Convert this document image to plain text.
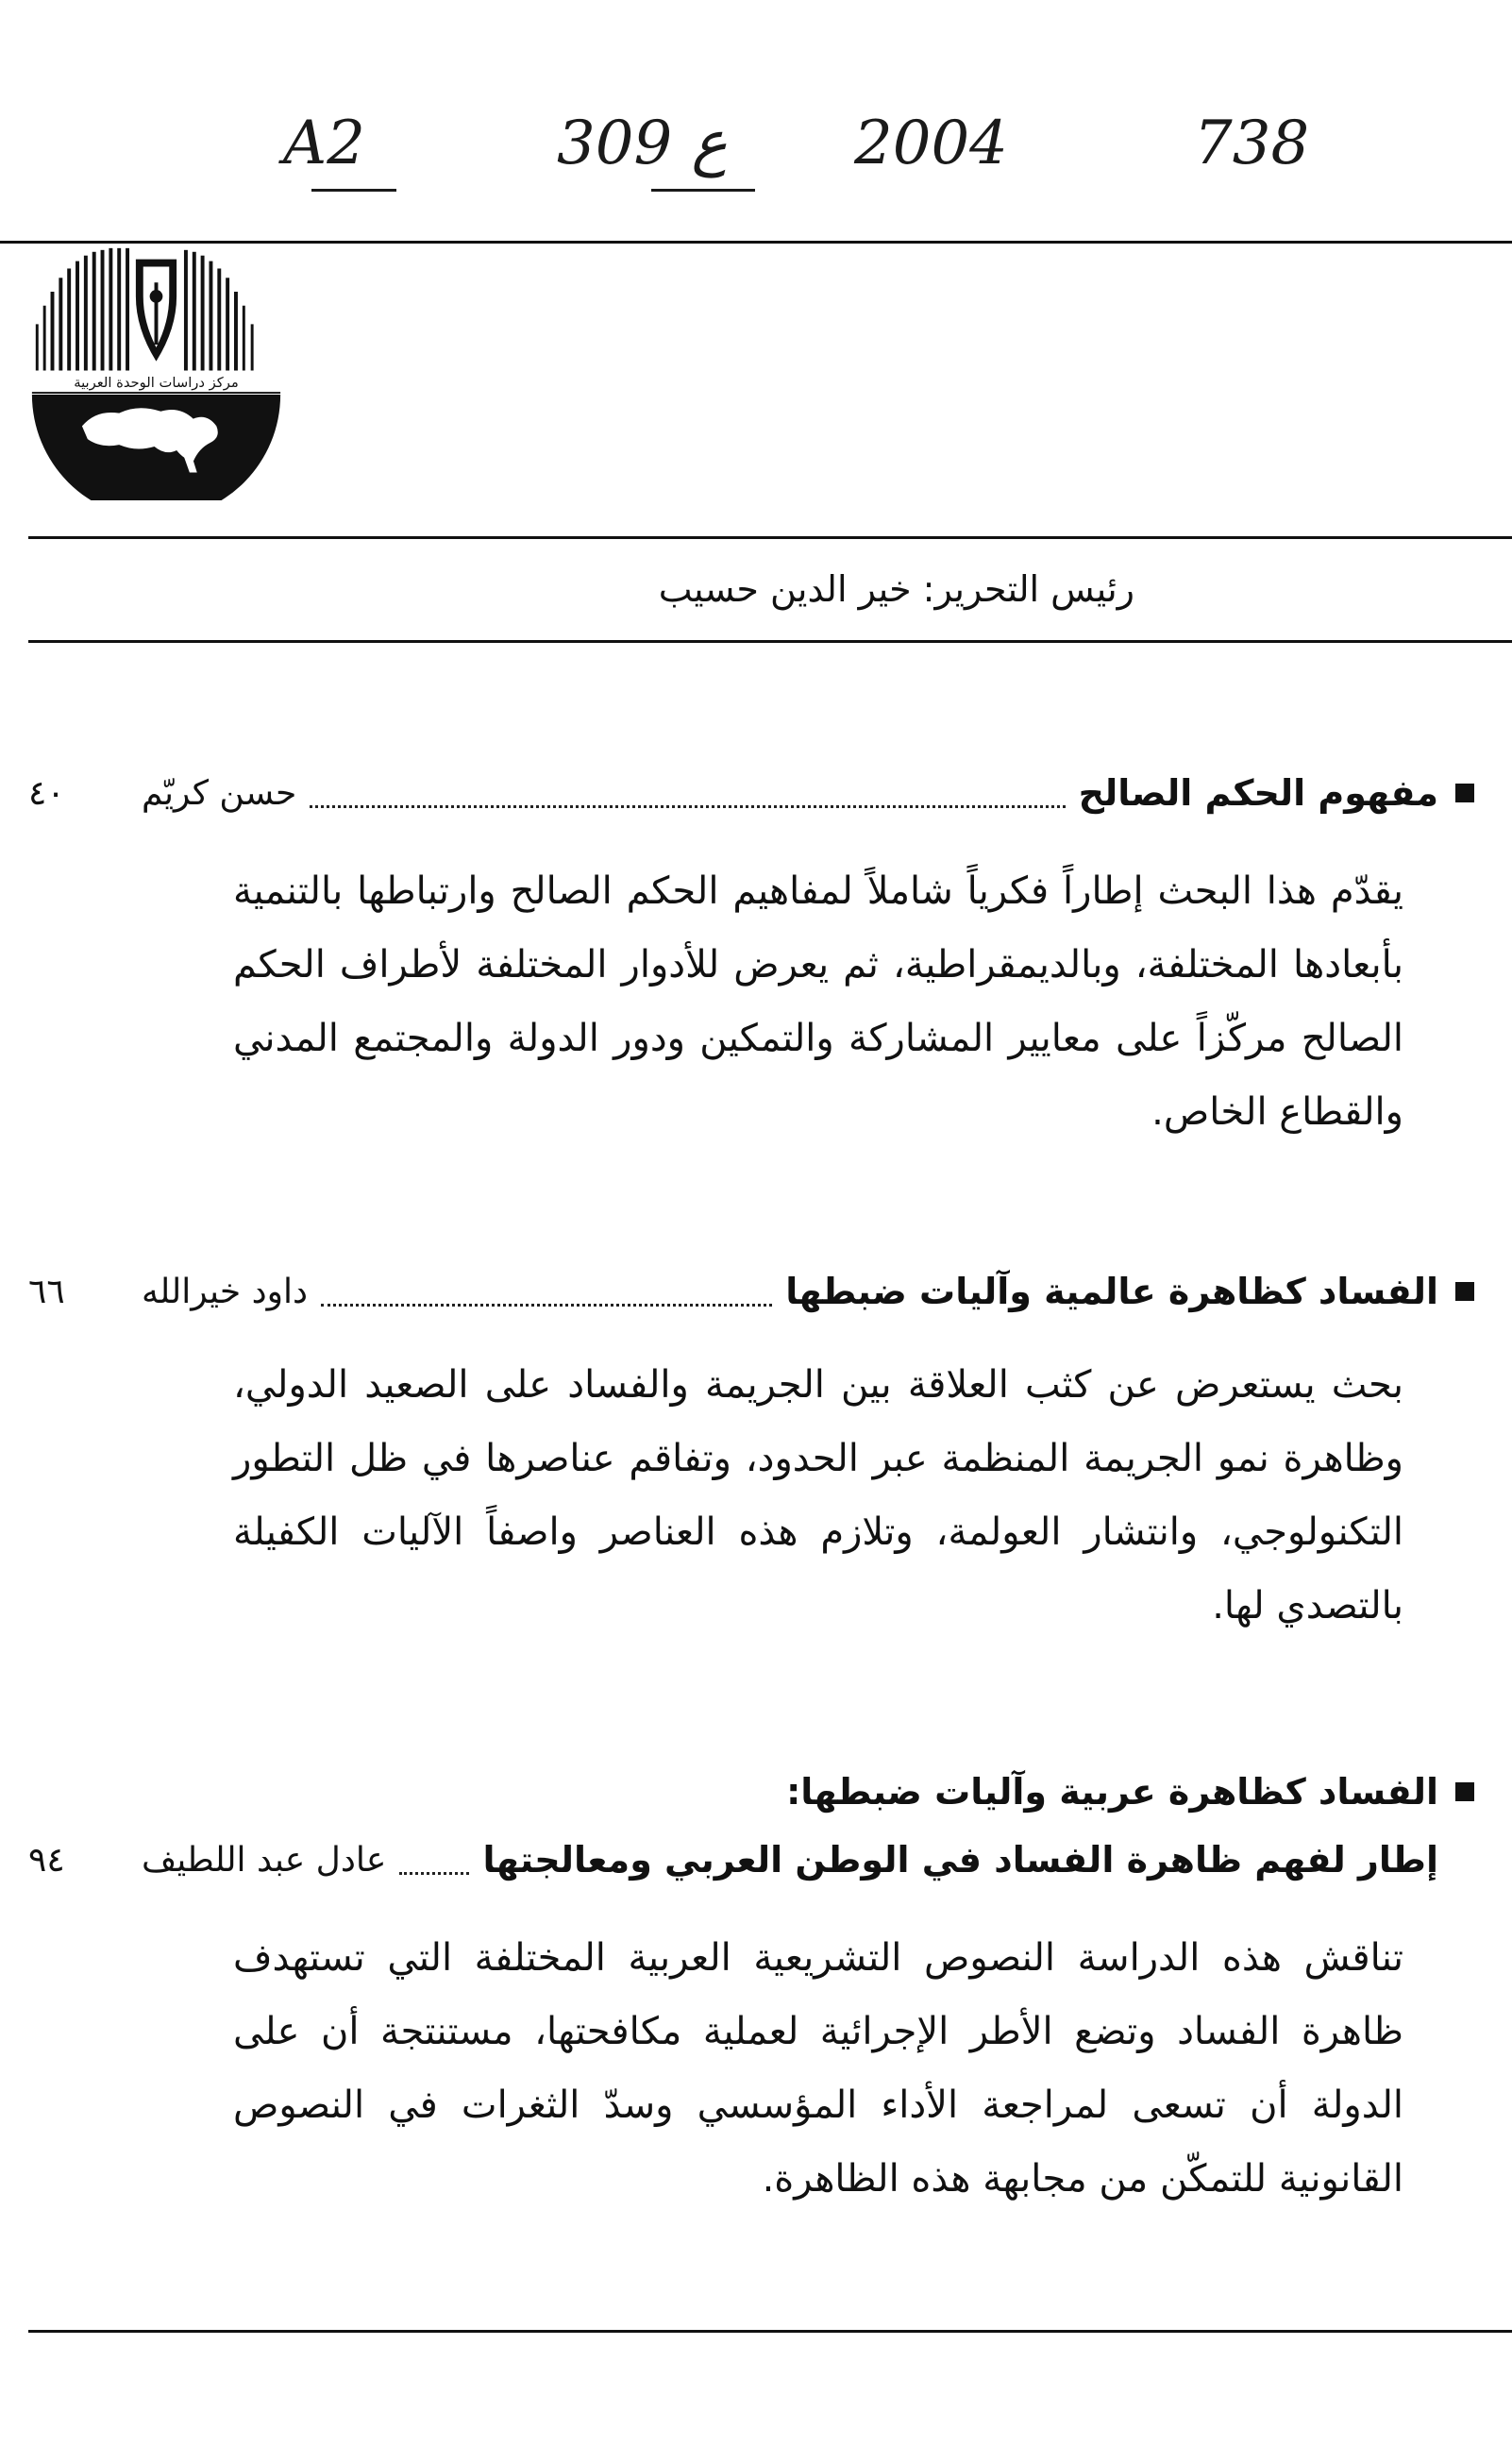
A2	309 ع 2004	738
مركز دراسات الوحدة العربية
رئيس التحرير: خير الدين حسيب
مفهوم الحكم الصالح
حسن كريّم
٤٠
يقدّم هذا البحث إطاراً فكرياً شاملاً لمفاهيم الحكم الصالح وارتباطها بالتنمية بأبعادها المختلفة، وبالديمقراطية، ثم يعرض للأدوار المختلفة لأطراف الحكم الصالح مركّزاً على معايير المشاركة والتمكين ودور الدولة والمجتمع المدني والقطاع الخاص.
الفساد كظاهرة عالمية وآليات ضبطها
داود خيرالله
٦٦
بحث يستعرض عن كثب العلاقة بين الجريمة والفساد على الصعيد الدولي، وظاهرة نمو الجريمة المنظمة عبر الحدود، وتفاقم عناصرها في ظل التطور التكنولوجي، وانتشار العولمة، وتلازم هذه العناصر واصفاً الآليات الكفيلة بالتصدي لها.
الفساد كظاهرة عربية وآليات ضبطها:
إطار لفهم ظاهرة الفساد في الوطن العربي ومعالجتها
عادل عبد اللطيف
٩٤
تناقش هذه الدراسة النصوص التشريعية العربية المختلفة التي تستهدف ظاهرة الفساد وتضع الأطر الإجرائية لعملية مكافحتها، مستنتجة أن على الدولة أن تسعى لمراجعة الأداء المؤسسي وسدّ الثغرات في النصوص القانونية للتمكّن من مجابهة هذه الظاهرة.
